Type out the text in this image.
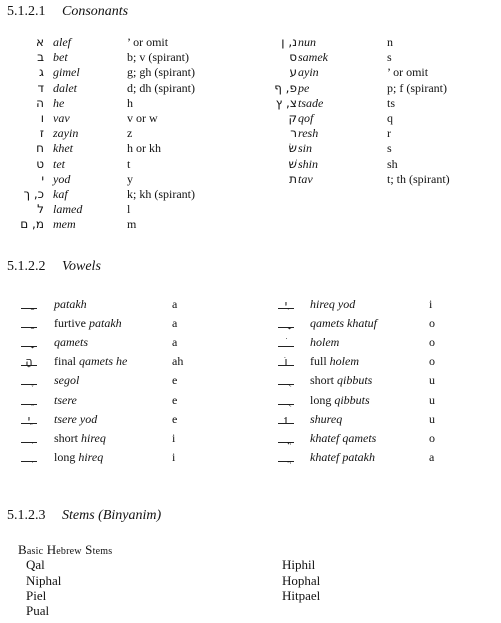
5.1.2.1 Consonants
א alef	’ or omit
ב bet	b; v (spirant)
ג gimel	g; gh (spirant)
ד dalet	d; dh (spirant)
ה he	h
ו vav	v or w
ז zayin	z
ח khet	h or kh
ט tet	t
י yod	y
כ, ך kaf	k; kh (spirant)
ל lamed	l
מ, ם mem	m
נ, ן nun	n
ס samek	s
ע ayin	’ or omit
פ, ף pe	p; f (spirant)
צ, ץ tsade	ts
ק qof	q
ר resh	r
שׂ sin	s
שׁ shin	sh
ת tav	t; th (spirant)
5.1.2.2 Vowels
patakh	a
furtive patakh	a
qamets	a
ָה	final qamets he	ah
segol	e
tsere	e
ֵי	tsere yod	e
short hireq	i
long hireq	i
ִי	hireq yod	i
qamets khatuf	o
holem	o
וֹ	full holem	o
short qibbuts	u
long qibbuts	u
וּ	shureq	u
khatef qamets	o
khatef patakh	a
5.1.2.3 Stems (Binyanim)
Basic Hebrew Stems
Qal
Niphal
Piel
Pual
Hiphil
Hophal
Hitpael
